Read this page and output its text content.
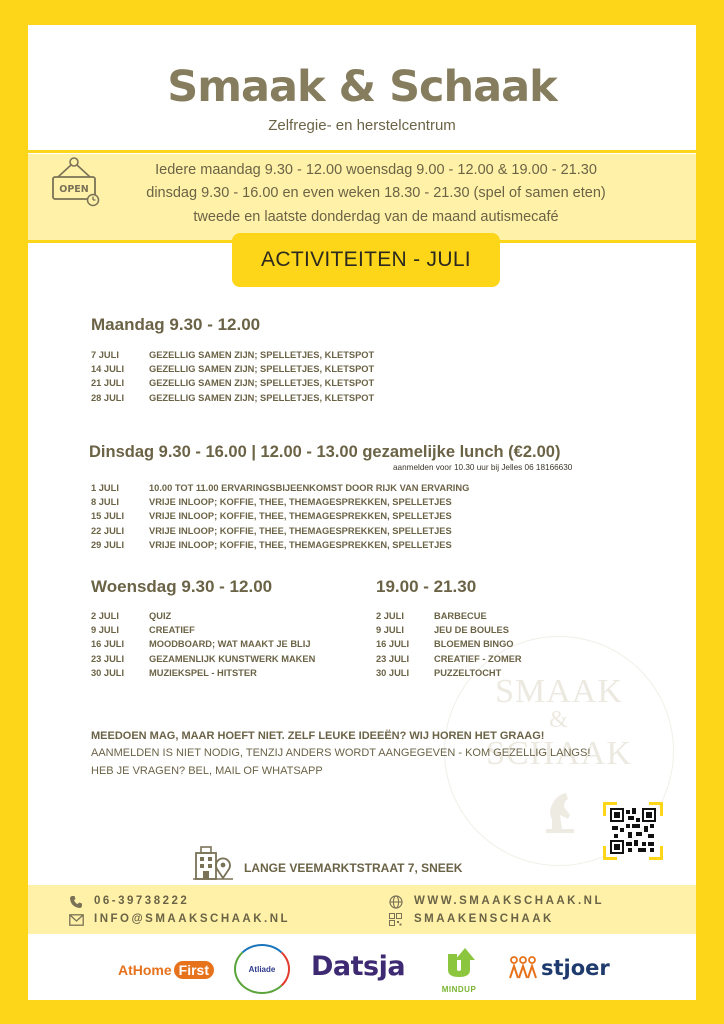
Smaak & Schaak
Zelfregie- en herstelcentrum
OPEN
Iedere maandag 9.30 - 12.00 woensdag 9.00 - 12.00 & 19.00 - 21.30
dinsdag 9.30 - 16.00 en even weken 18.30 - 21.30 (spel of samen eten)
tweede en laatste donderdag van de maand autismecafé
ACTIVITEITEN - JULI
Maandag 9.30 - 12.00
7 JULI	GEZELLIG SAMEN ZIJN; SPELLETJES, KLETSPOT
14 JULI	GEZELLIG SAMEN ZIJN; SPELLETJES, KLETSPOT
21 JULI	GEZELLIG SAMEN ZIJN; SPELLETJES, KLETSPOT
28 JULI	GEZELLIG SAMEN ZIJN; SPELLETJES, KLETSPOT
Dinsdag 9.30 - 16.00 | 12.00 - 13.00 gezamelijke lunch (€2.00)
aanmelden voor 10.30 uur bij Jelles 06 18166630
1 JULI	10.00 TOT 11.00 ERVARINGSBIJEENKOMST DOOR RIJK VAN ERVARING
8 JULI	VRIJE INLOOP; KOFFIE, THEE, THEMAGESPREKKEN, SPELLETJES
15 JULI	VRIJE INLOOP; KOFFIE, THEE, THEMAGESPREKKEN, SPELLETJES
22 JULI	VRIJE INLOOP; KOFFIE, THEE, THEMAGESPREKKEN, SPELLETJES
29 JULI	VRIJE INLOOP; KOFFIE, THEE, THEMAGESPREKKEN, SPELLETJES
SMAAK
&
SCHAAK
Woensdag 9.30 - 12.00
2 JULI	QUIZ
9 JULI	CREATIEF
16 JULI	MOODBOARD; WAT MAAKT JE BLIJ
23 JULI	GEZAMENLIJK KUNSTWERK MAKEN
30 JULI	MUZIEKSPEL - HITSTER
19.00 - 21.30
2 JULI	BARBECUE
9 JULI	JEU DE BOULES
16 JULI	BLOEMEN BINGO
23 JULI	CREATIEF - ZOMER
30 JULI	PUZZELTOCHT
MEEDOEN MAG, MAAR HOEFT NIET. ZELF LEUKE IDEEËN? WIJ HOREN HET GRAAG!
AANMELDEN IS NIET NODIG, TENZIJ ANDERS WORDT AANGEGEVEN - KOM GEZELLIG LANGS!
HEB JE VRAGEN? BEL, MAIL OF WHATSAPP
LANGE VEEMARKTSTRAAT 7, SNEEK
06-39738222
INFO@SMAAKSCHAAK.NL
WWW.SMAAKSCHAAK.NL
SMAAKENSCHAAK
AtHome First	Atliade Datsja
MINDUP
stjoer
